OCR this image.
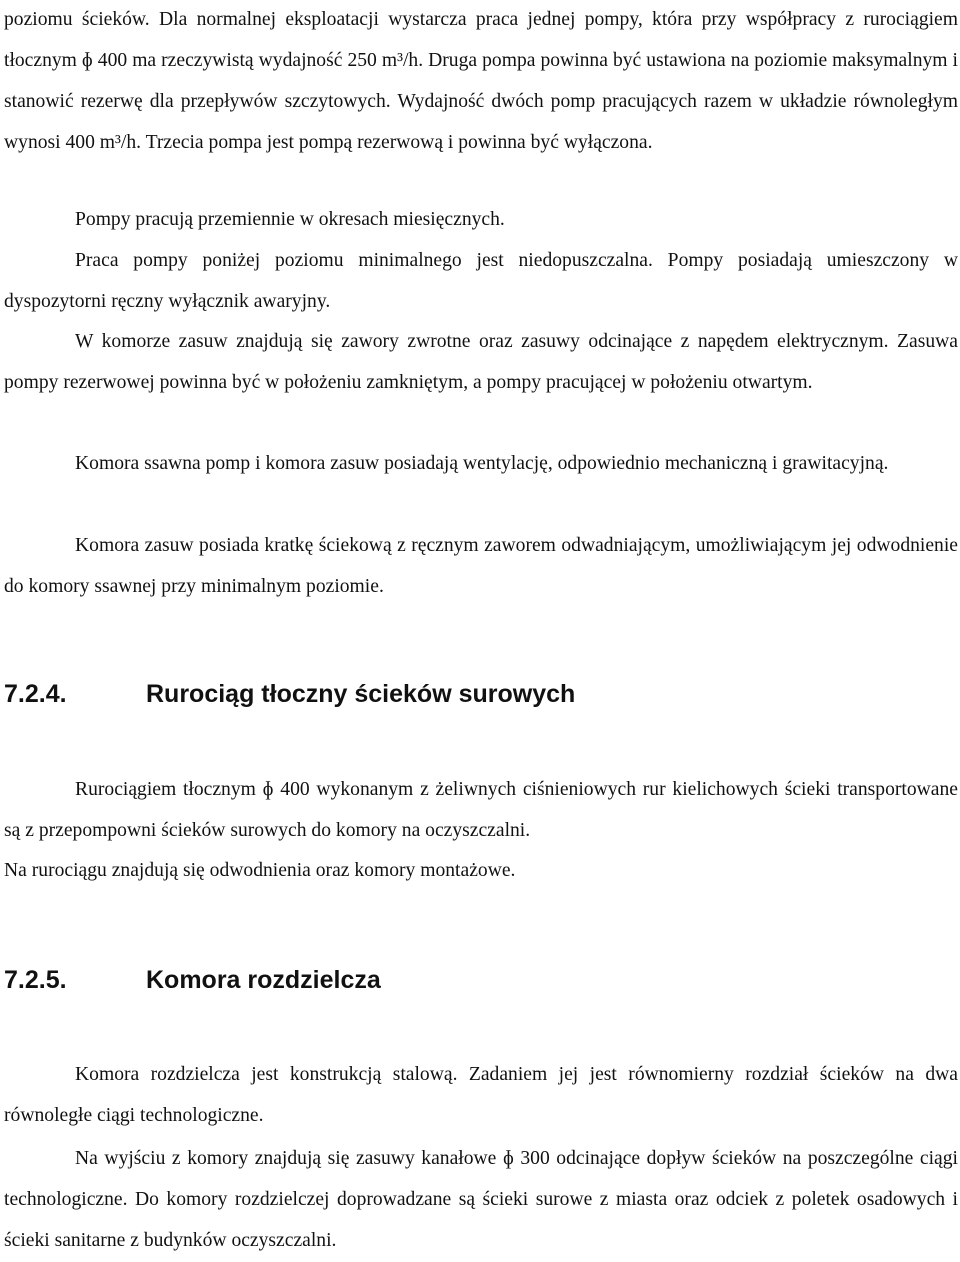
poziomu ścieków. Dla normalnej eksploatacji wystarcza praca jednej pompy, która przy współpracy z rurociągiem tłocznym ɸ 400 ma rzeczywistą wydajność 250 m³/h. Druga pompa powinna być ustawiona na poziomie maksymalnym i stanowić rezerwę dla przepływów szczytowych. Wydajność dwóch pomp pracujących razem w układzie równoległym wynosi 400 m³/h. Trzecia pompa jest pompą rezerwową i powinna być wyłączona.

Pompy pracują przemiennie w okresach miesięcznych.

Praca pompy poniżej poziomu minimalnego jest niedopuszczalna. Pompy posiadają umieszczony w dyspozytorni ręczny wyłącznik awaryjny.

W komorze zasuw znajdują się zawory zwrotne oraz zasuwy odcinające z napędem elektrycznym. Zasuwa pompy rezerwowej powinna być w położeniu zamkniętym, a pompy pracującej w położeniu otwartym.

Komora ssawna pomp i komora zasuw posiadają wentylację, odpowiednio mechaniczną i grawitacyjną.

Komora zasuw posiada kratkę ściekową z ręcznym zaworem odwadniającym, umożliwiającym jej odwodnienie do komory ssawnej przy minimalnym poziomie.

7.2.4.	Rurociąg tłoczny ścieków surowych

Rurociągiem tłocznym ɸ 400 wykonanym z żeliwnych ciśnieniowych rur kielichowych ścieki transportowane są z przepompowni ścieków surowych do komory na oczyszczalni.

Na rurociągu znajdują się odwodnienia oraz komory montażowe.

7.2.5.	Komora rozdzielcza

Komora rozdzielcza jest konstrukcją stalową. Zadaniem jej jest równomierny rozdział ścieków na dwa równoległe ciągi technologiczne.

Na wyjściu z komory znajdują się zasuwy kanałowe ɸ 300 odcinające dopływ ścieków na poszczególne ciągi technologiczne. Do komory rozdzielczej doprowadzane są ścieki surowe z miasta oraz odciek z poletek osadowych i ścieki sanitarne z budynków oczyszczalni.
